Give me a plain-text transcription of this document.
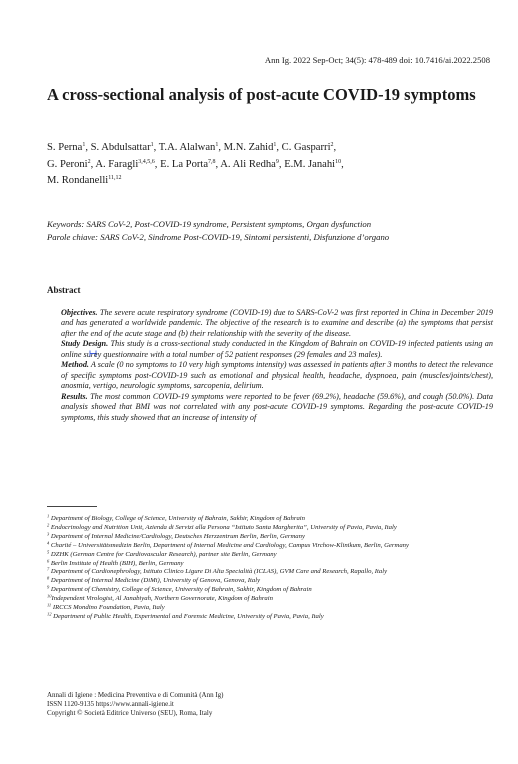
Ann Ig. 2022 Sep-Oct; 34(5): 478-489 doi: 10.7416/ai.2022.2508
A cross-sectional analysis of post-acute COVID-19 symptoms
S. Perna$^1$, S. Abdulsattar$^1$, T.A. Alalwan$^1$, M.N. Zahid$^1$, C. Gasparri$^2$,
G. Peroni$^2$, A. Faragli$^{3,4,5,6}$, E. La Porta$^{7,8}$, A. Ali Redha$^9$, E.M. Janahi$^{10}$,
M. Rondanelli$^{11,12}$
Keywords: SARS CoV-2, Post-COVID-19 syndrome, Persistent symptoms, Organ dysfunction
Parole chiave: SARS CoV-2, Sindrome Post-COVID-19, Sintomi persistenti, Disfunzione d’organo
Abstract

Objectives. The severe acute respiratory syndrome (COVID-19) due to SARS-CoV-2 was first reported in China in December 2019 and has generated a worldwide pandemic. The objective of the research is to examine and describe (a) the symptoms that persist after the end of the acute stage and (b) their relationship with the severity of the disease.

Study Design. This study is a cross-sectional study conducted in the Kingdom of Bahrain on COVID-19 infected patients using an online surey questionnaire with a total number of 52 patient responses (29 females and 23 males).

Method. A scale (0 no symptoms to 10 very high symptoms intensity) was assessed in patients after 3 months to detect the relevance of specific symptoms post-COVID-19 such as emotional and physical health, headache, dyspnoea, pain (muscles/joints/chest), anosmia, vertigo, neurologic symptoms, sarcopenia, delirium.

Results. The most common COVID-19 symptoms were reported to be fever (69.2%), headache (59.6%), and cough (50.0%). Data analysis showed that BMI was not correlated with any post-acute COVID-19 symptoms. Regarding the post-acute COVID-19 symptoms, this study showed that an increase of intensity of

$^1$ Department of Biology, College of Science, University of Bahrain, Sakhir, Kingdom of Bahrain
$^2$ Endocrinology and Nutrition Unit, Azienda di Servizi alla Persona “Istituto Santa Margherita”, University of Pavia, Pavia, Italy
$^3$ Department of Internal Medicine/Cardiology, Deutsches Herzzentrum Berlin, Berlin, Germany
$^4$ Charité – Universitätsmedizin Berlin, Department of Internal Medicine and Cardiology, Campus Virchow-Klinikum, Berlin, Germany
$^5$ DZHK (German Centre for Cardiovascular Research), partner site Berlin, Germany
$^6$ Berlin Institute of Health (BIH), Berlin, Germany
$^7$ Department of Cardionephrology, Istituto Clinico Ligure Di Alta Specialità (ICLAS), GVM Care and Research, Rapallo, Italy
$^8$ Department of Internal Medicine (DiMi), University of Genova, Genova, Italy
$^9$ Department of Chemistry, College of Science, University of Bahrain, Sakhir, Kingdom of Bahrain
$^{10}$Independent Virologist, Al Janabiyah, Northern Governorate, Kingdom of Bahrain
$^{11}$ IRCCS Mondino Foundation, Pavia, Italy
$^{12}$ Department of Public Health, Experimental and Forensic Medicine, University of Pavia, Pavia, Italy
Annali di Igiene : Medicina Preventiva e di Comunità (Ann Ig)
ISSN 1120-9135 https://www.annali-igiene.it
Copyright © Società Editrice Universo (SEU), Roma, Italy
